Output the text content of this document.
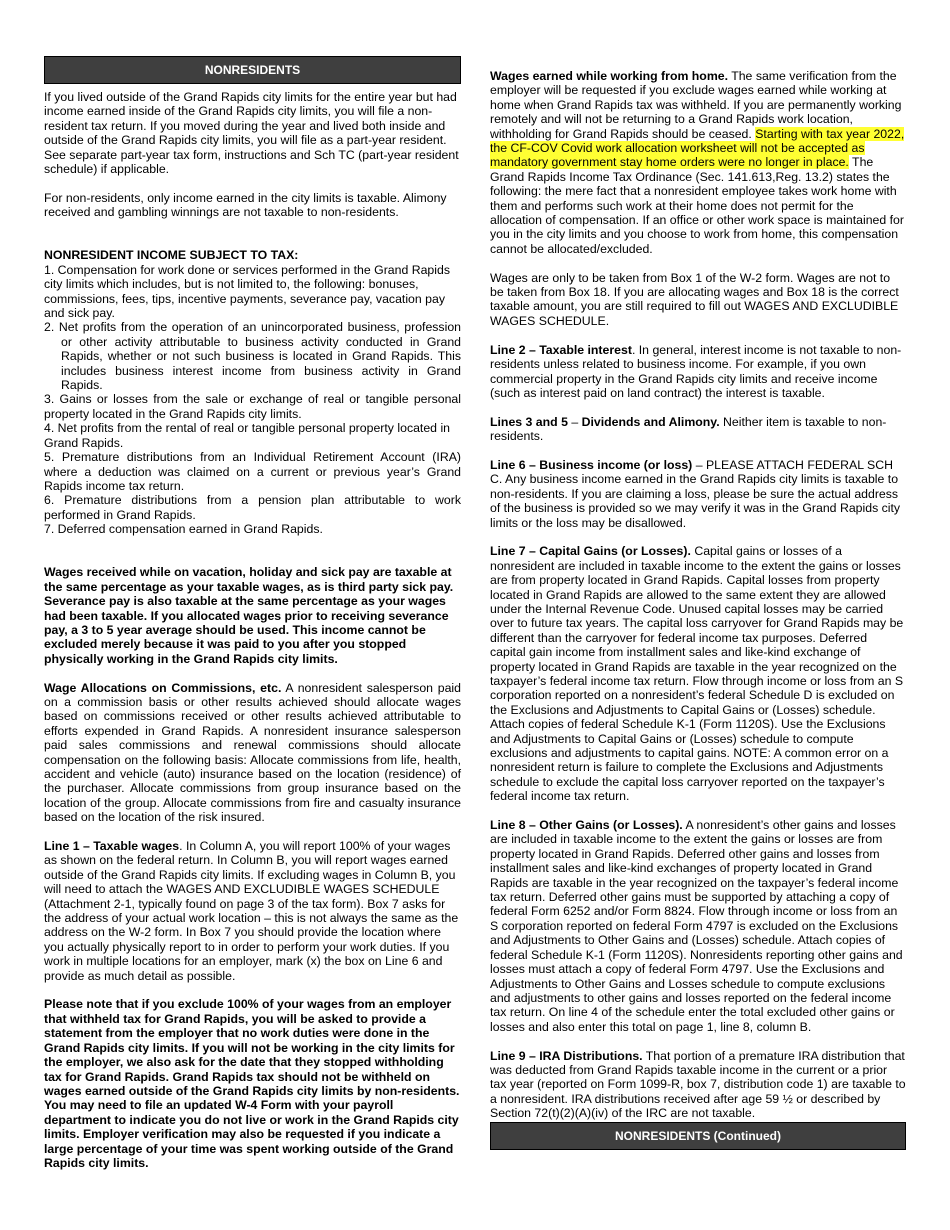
NONRESIDENTS

If you lived outside of the Grand Rapids city limits for the entire year but had income earned inside of the Grand Rapids city limits, you will file a non-resident tax return. If you moved during the year and lived both inside and outside of the Grand Rapids city limits, you will file as a part-year resident. See separate part-year tax form, instructions and Sch TC (part-year resident schedule) if applicable.

For non-residents, only income earned in the city limits is taxable. Alimony received and gambling winnings are not taxable to non-residents.

NONRESIDENT INCOME SUBJECT TO TAX:
1. Compensation for work done or services performed in the Grand Rapids city limits which includes, but is not limited to, the following: bonuses, commissions, fees, tips, incentive payments, severance pay, vacation pay and sick pay.
2. Net profits from the operation of an unincorporated business, profession or other activity attributable to business activity conducted in Grand Rapids, whether or not such business is located in Grand Rapids. This includes business interest income from business activity in Grand Rapids.
3. Gains or losses from the sale or exchange of real or tangible personal property located in the Grand Rapids city limits.
4. Net profits from the rental of real or tangible personal property located in Grand Rapids.
5. Premature distributions from an Individual Retirement Account (IRA) where a deduction was claimed on a current or previous year’s Grand Rapids income tax return.
6. Premature distributions from a pension plan attributable to work performed in Grand Rapids.
7. Deferred compensation earned in Grand Rapids.

Wages received while on vacation, holiday and sick pay are taxable at the same percentage as your taxable wages, as is third party sick pay. Severance pay is also taxable at the same percentage as your wages had been taxable. If you allocated wages prior to receiving severance pay, a 3 to 5 year average should be used. This income cannot be excluded merely because it was paid to you after you stopped physically working in the Grand Rapids city limits.

Wage Allocations on Commissions, etc. A nonresident salesperson paid on a commission basis or other results achieved should allocate wages based on commissions received or other results achieved attributable to efforts expended in Grand Rapids. A nonresident insurance salesperson paid sales commissions and renewal commissions should allocate compensation on the following basis: Allocate commissions from life, health, accident and vehicle (auto) insurance based on the location (residence) of the purchaser. Allocate commissions from group insurance based on the location of the group. Allocate commissions from fire and casualty insurance based on the location of the risk insured.

Line 1 – Taxable wages. In Column A, you will report 100% of your wages as shown on the federal return. In Column B, you will report wages earned outside of the Grand Rapids city limits. If excluding wages in Column B, you will need to attach the WAGES AND EXCLUDIBLE WAGES SCHEDULE (Attachment 2-1, typically found on page 3 of the tax form). Box 7 asks for the address of your actual work location – this is not always the same as the address on the W-2 form. In Box 7 you should provide the location where you actually physically report to in order to perform your work duties. If you work in multiple locations for an employer, mark (x) the box on Line 6 and provide as much detail as possible.

Please note that if you exclude 100% of your wages from an employer that withheld tax for Grand Rapids, you will be asked to provide a statement from the employer that no work duties were done in the Grand Rapids city limits. If you will not be working in the city limits for the employer, we also ask for the date that they stopped withholding tax for Grand Rapids. Grand Rapids tax should not be withheld on wages earned outside of the Grand Rapids city limits by non-residents. You may need to file an updated W-4 Form with your payroll department to indicate you do not live or work in the Grand Rapids city limits. Employer verification may also be requested if you indicate a large percentage of your time was spent working outside of the Grand Rapids city limits.

Wages earned while working from home. The same verification from the employer will be requested if you exclude wages earned while working at home when Grand Rapids tax was withheld. If you are permanently working remotely and will not be returning to a Grand Rapids work location, withholding for Grand Rapids should be ceased. Starting with tax year 2022, the CF-COV Covid work allocation worksheet will not be accepted as mandatory government stay home orders were no longer in place. The Grand Rapids Income Tax Ordinance (Sec. 141.613,Reg. 13.2) states the following: the mere fact that a nonresident employee takes work home with them and performs such work at their home does not permit for the allocation of compensation. If an office or other work space is maintained for you in the city limits and you choose to work from home, this compensation cannot be allocated/excluded.

Wages are only to be taken from Box 1 of the W-2 form. Wages are not to be taken from Box 18. If you are allocating wages and Box 18 is the correct taxable amount, you are still required to fill out WAGES AND EXCLUDIBLE WAGES SCHEDULE.

Line 2 – Taxable interest. In general, interest income is not taxable to non-residents unless related to business income. For example, if you own commercial property in the Grand Rapids city limits and receive income (such as interest paid on land contract) the interest is taxable.

Lines 3 and 5 – Dividends and Alimony. Neither item is taxable to non-residents.

Line 6 – Business income (or loss) – PLEASE ATTACH FEDERAL SCH C. Any business income earned in the Grand Rapids city limits is taxable to non-residents. If you are claiming a loss, please be sure the actual address of the business is provided so we may verify it was in the Grand Rapids city limits or the loss may be disallowed.

Line 7 – Capital Gains (or Losses). Capital gains or losses of a nonresident are included in taxable income to the extent the gains or losses are from property located in Grand Rapids. Capital losses from property located in Grand Rapids are allowed to the same extent they are allowed under the Internal Revenue Code. Unused capital losses may be carried over to future tax years. The capital loss carryover for Grand Rapids may be different than the carryover for federal income tax purposes. Deferred capital gain income from installment sales and like-kind exchange of property located in Grand Rapids are taxable in the year recognized on the taxpayer’s federal income tax return. Flow through income or loss from an S corporation reported on a nonresident’s federal Schedule D is excluded on the Exclusions and Adjustments to Capital Gains or (Losses) schedule. Attach copies of federal Schedule K-1 (Form 1120S). Use the Exclusions and Adjustments to Capital Gains or (Losses) schedule to compute exclusions and adjustments to capital gains. NOTE: A common error on a nonresident return is failure to complete the Exclusions and Adjustments schedule to exclude the capital loss carryover reported on the taxpayer’s federal income tax return.

Line 8 – Other Gains (or Losses). A nonresident’s other gains and losses are included in taxable income to the extent the gains or losses are from property located in Grand Rapids. Deferred other gains and losses from installment sales and like-kind exchanges of property located in Grand Rapids are taxable in the year recognized on the taxpayer’s federal income tax return. Deferred other gains must be supported by attaching a copy of federal Form 6252 and/or Form 8824. Flow through income or loss from an S corporation reported on federal Form 4797 is excluded on the Exclusions and Adjustments to Other Gains and (Losses) schedule. Attach copies of federal Schedule K-1 (Form 1120S). Nonresidents reporting other gains and losses must attach a copy of federal Form 4797. Use the Exclusions and Adjustments to Other Gains and Losses schedule to compute exclusions and adjustments to other gains and losses reported on the federal income tax return. On line 4 of the schedule enter the total excluded other gains or losses and also enter this total on page 1, line 8, column B.

Line 9 – IRA Distributions. That portion of a premature IRA distribution that was deducted from Grand Rapids taxable income in the current or a prior tax year (reported on Form 1099-R, box 7, distribution code 1) are taxable to a nonresident. IRA distributions received after age 59 ½ or described by Section 72(t)(2)(A)(iv) of the IRC are not taxable.

NONRESIDENTS (Continued)
